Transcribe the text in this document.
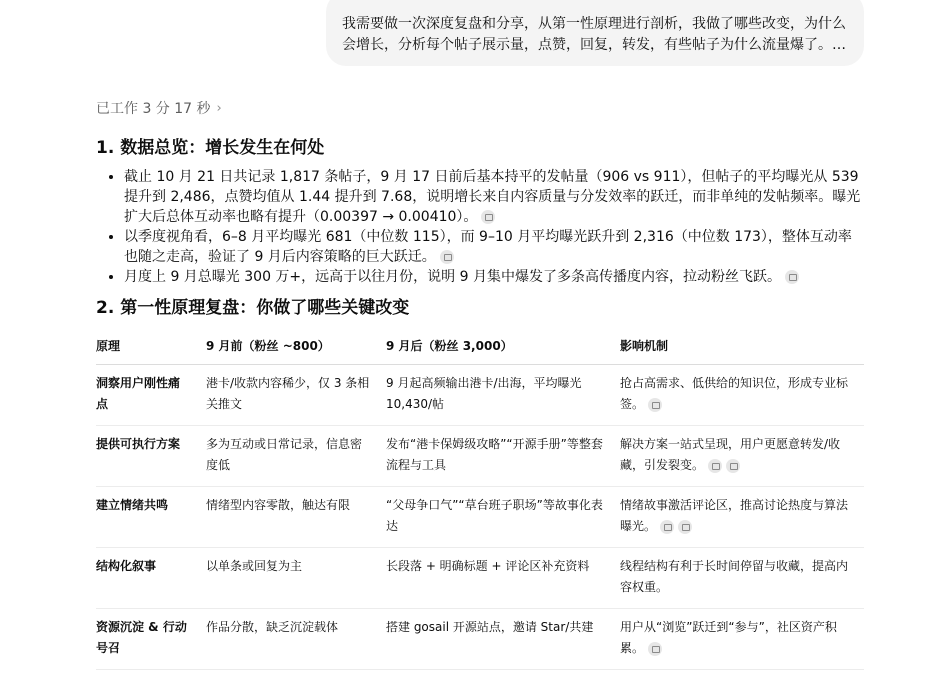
我需要做一次深度复盘和分享，从第一性原理进行剖析，我做了哪些改变，为什么会增长，分析每个帖子展示量，点赞，回复，转发，有些帖子为什么流量爆了。…
已工作 3 分 17 秒 ›
1. 数据总览：增长发生在何处
• 截止 10 月 21 日共记录 1,817 条帖子，9 月 17 日前后基本持平的发帖量（906 vs 911），但帖子的平均曝光从 539 提升到 2,486，点赞均值从 1.44 提升到 7.68，说明增长来自内容质量与分发效率的跃迁，而非单纯的发帖频率。曝光扩大后总体互动率也略有提升（0.00397 → 0.00410）。
• 以季度视角看，6–8 月平均曝光 681（中位数 115），而 9–10 月平均曝光跃升到 2,316（中位数 173），整体互动率也随之走高，验证了 9 月后内容策略的巨大跃迁。
• 月度上 9 月总曝光 300 万+，远高于以往月份，说明 9 月集中爆发了多条高传播度内容，拉动粉丝飞跃。
2. 第一性原理复盘：你做了哪些关键改变
原理	9 月前（粉丝 ~800）	9 月后（粉丝 3,000）	影响机制
洞察用户刚性痛点	港卡/收款内容稀少，仅 3 条相关推文	9 月起高频输出港卡/出海，平均曝光 10,430/帖	抢占高需求、低供给的知识位，形成专业标签。
提供可执行方案	多为互动或日常记录，信息密度低	发布“港卡保姆级攻略”“开源手册”等整套流程与工具	解决方案一站式呈现，用户更愿意转发/收藏，引发裂变。
建立情绪共鸣	情绪型内容零散，触达有限	“父母争口气”“草台班子职场”等故事化表达	情绪故事激活评论区，推高讨论热度与算法曝光。
结构化叙事	以单条或回复为主	长段落 + 明确标题 + 评论区补充资料	线程结构有利于长时间停留与收藏，提高内容权重。
资源沉淀 & 行动号召	作品分散，缺乏沉淀载体	搭建 gosail 开源站点，邀请 Star/共建	用户从“浏览”跃迁到“参与”，社区资产积累。
